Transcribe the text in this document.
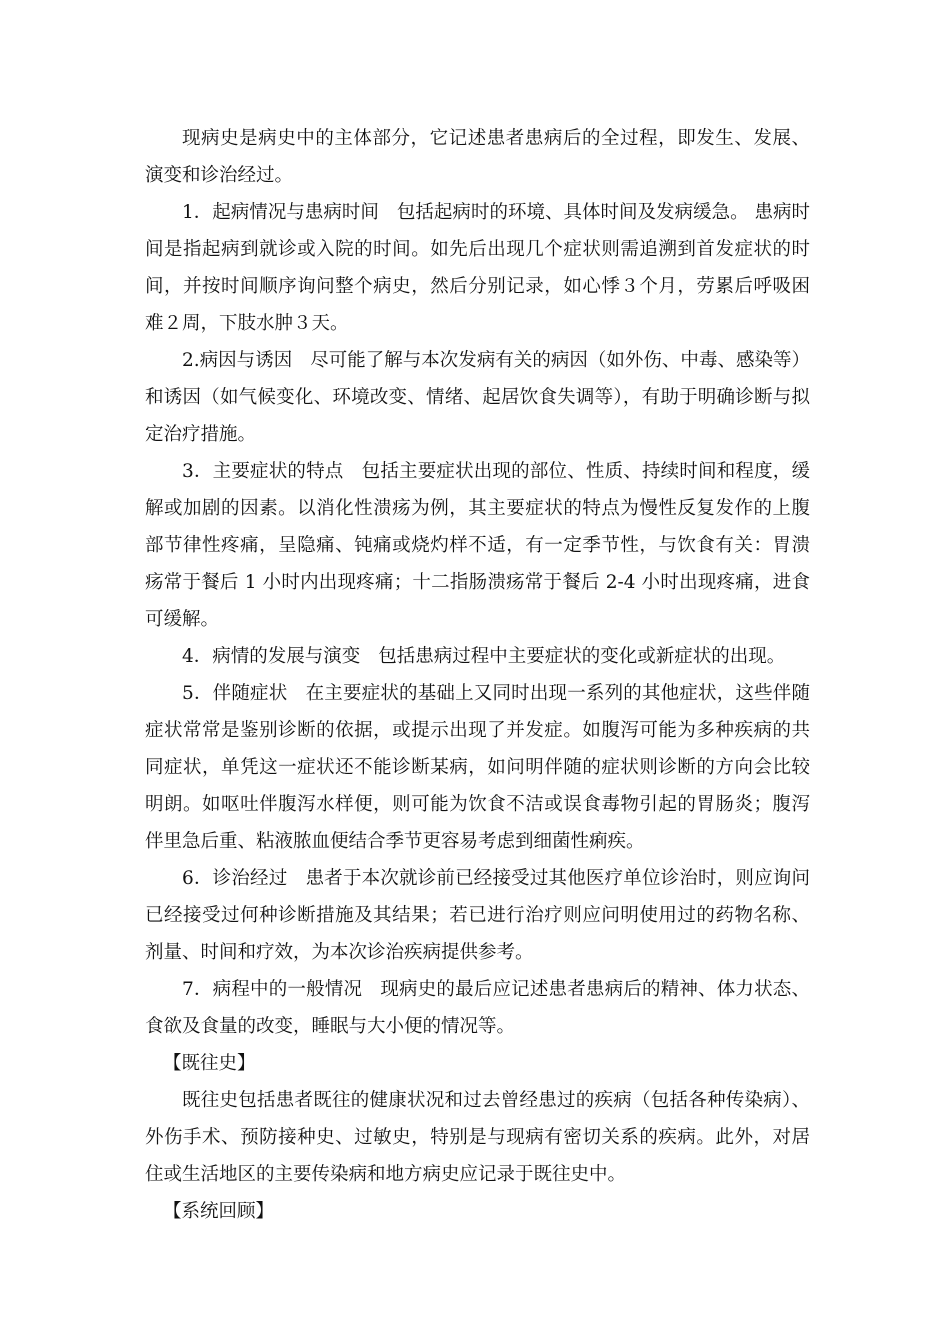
现病史是病史中的主体部分，它记述患者患病后的全过程，即发生、发展、演变和诊治经过。

1．起病情况与患病时间 包括起病时的环境、具体时间及发病缓急。 患病时间是指起病到就诊或入院的时间。如先后出现几个症状则需追溯到首发症状的时间，并按时间顺序询问整个病史，然后分别记录，如心悸３个月，劳累后呼吸困难２周，下肢水肿３天。

2.病因与诱因 尽可能了解与本次发病有关的病因（如外伤、中毒、感染等）和诱因（如气候变化、环境改变、情绪、起居饮食失调等），有助于明确诊断与拟定治疗措施。

3．主要症状的特点 包括主要症状出现的部位、性质、持续时间和程度，缓解或加剧的因素。以消化性溃疡为例，其主要症状的特点为慢性反复发作的上腹部节律性疼痛，呈隐痛、钝痛或烧灼样不适，有一定季节性，与饮食有关：胃溃疡常于餐后 1 小时内出现疼痛；十二指肠溃疡常于餐后 2-4 小时出现疼痛，进食可缓解。

4．病情的发展与演变 包括患病过程中主要症状的变化或新症状的出现。

5．伴随症状 在主要症状的基础上又同时出现一系列的其他症状，这些伴随症状常常是鉴别诊断的依据，或提示出现了并发症。如腹泻可能为多种疾病的共同症状，单凭这一症状还不能诊断某病，如问明伴随的症状则诊断的方向会比较明朗。如呕吐伴腹泻水样便，则可能为饮食不洁或误食毒物引起的胃肠炎；腹泻伴里急后重、粘液脓血便结合季节更容易考虑到细菌性痢疾。

6．诊治经过 患者于本次就诊前已经接受过其他医疗单位诊治时，则应询问已经接受过何种诊断措施及其结果；若已进行治疗则应问明使用过的药物名称、剂量、时间和疗效，为本次诊治疾病提供参考。

7．病程中的一般情况 现病史的最后应记述患者患病后的精神、体力状态、食欲及食量的改变，睡眠与大小便的情况等。

【既往史】

既往史包括患者既往的健康状况和过去曾经患过的疾病（包括各种传染病）、外伤手术、预防接种史、过敏史，特别是与现病有密切关系的疾病。此外，对居住或生活地区的主要传染病和地方病史应记录于既往史中。

【系统回顾】
